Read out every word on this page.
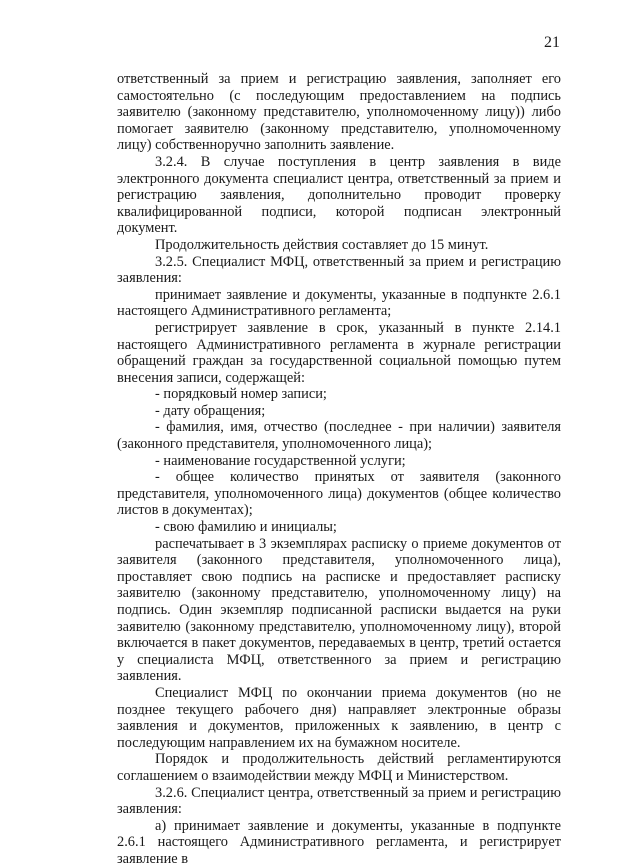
21

ответственный за прием и регистрацию заявления, заполняет его самостоятельно (с последующим предоставлением на подпись заявителю (законному представителю, уполномоченному лицу)) либо помогает заявителю (законному представителю, уполномоченному лицу) собственноручно заполнить заявление.

3.2.4. В случае поступления в центр заявления в виде электронного документа специалист центра, ответственный за прием и регистрацию заявления, дополнительно проводит проверку квалифицированной подписи, которой подписан электронный документ.

Продолжительность действия составляет до 15 минут.

3.2.5. Специалист МФЦ, ответственный за прием и регистрацию заявления:

принимает заявление и документы, указанные в подпункте 2.6.1 настоящего Административного регламента;

регистрирует заявление в срок, указанный в пункте 2.14.1 настоящего Административного регламента в журнале регистрации обращений граждан за государственной социальной помощью путем внесения записи, содержащей:

- порядковый номер записи;

- дату обращения;

- фамилия, имя, отчество (последнее - при наличии) заявителя (законного представителя, уполномоченного лица);

- наименование государственной услуги;

- общее количество принятых от заявителя (законного представителя, уполномоченного лица) документов (общее количество листов в документах);

- свою фамилию и инициалы;

распечатывает в 3 экземплярах расписку о приеме документов от заявителя (законного представителя, уполномоченного лица), проставляет свою подпись на расписке и предоставляет расписку заявителю (законному представителю, уполномоченному лицу) на подпись. Один экземпляр подписанной расписки выдается на руки заявителю (законному представителю, уполномоченному лицу), второй включается в пакет документов, передаваемых в центр, третий остается у специалиста МФЦ, ответственного за прием и регистрацию заявления.

Специалист МФЦ по окончании приема документов (но не позднее текущего рабочего дня) направляет электронные образы заявления и документов, приложенных к заявлению, в центр с последующим направлением их на бумажном носителе.

Порядок и продолжительность действий регламентируются соглашением о взаимодействии между МФЦ и Министерством.

3.2.6. Специалист центра, ответственный за прием и регистрацию заявления:

а) принимает заявление и документы, указанные в подпункте 2.6.1 настоящего Административного регламента, и регистрирует заявление в
